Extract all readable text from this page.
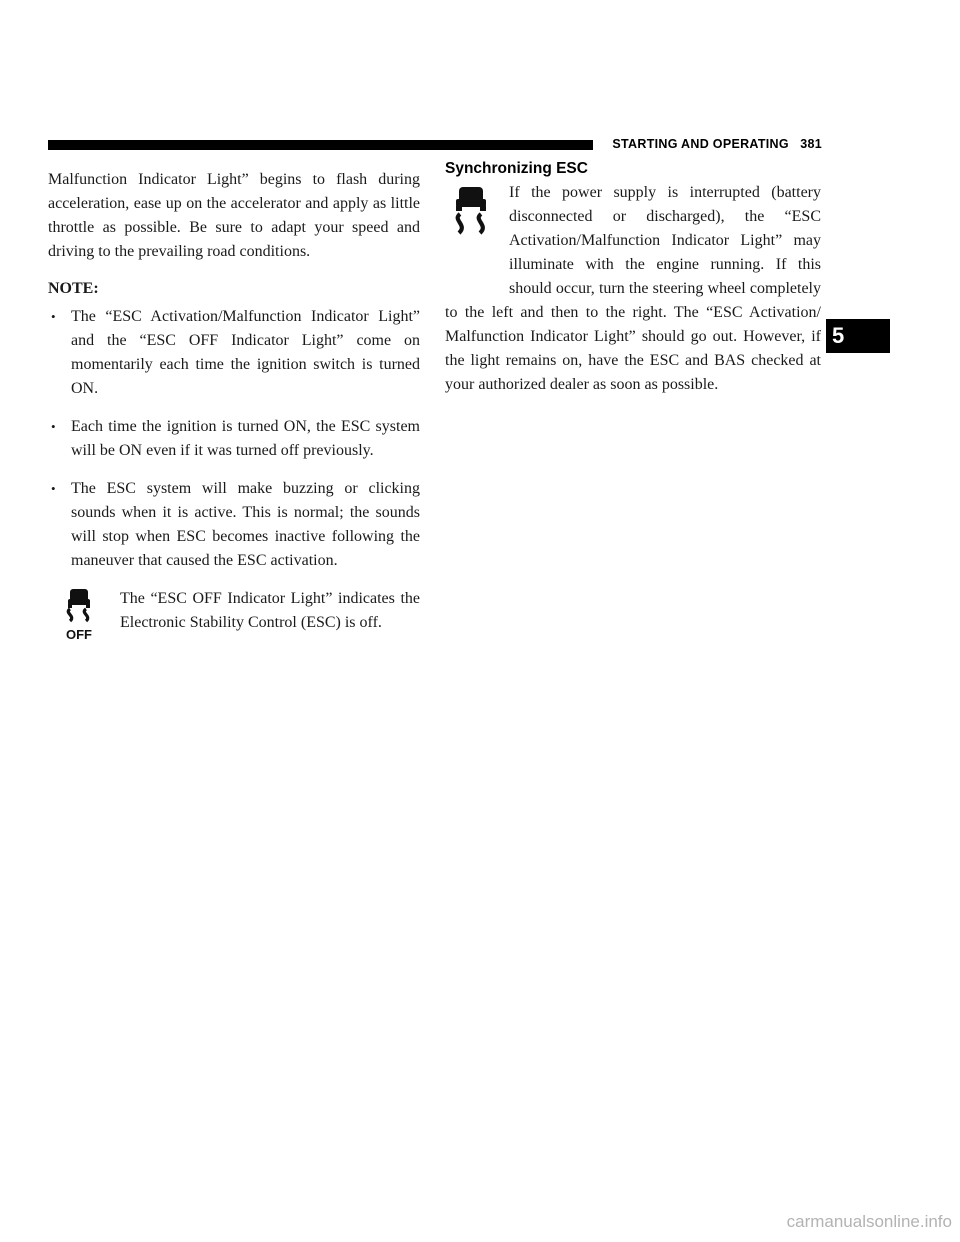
STARTING AND OPERATING 381

Malfunction Indicator Light” begins to flash during acceleration, ease up on the accelerator and apply as little throttle as possible. Be sure to adapt your speed and driving to the prevailing road conditions.

NOTE:

• The “ESC Activation/Malfunction Indicator Light” and the “ESC OFF Indicator Light” come on momentarily each time the ignition switch is turned ON.
• Each time the ignition is turned ON, the ESC system will be ON even if it was turned off previously.
• The ESC system will make buzzing or clicking sounds when it is active. This is normal; the sounds will stop when ESC becomes inactive following the maneuver that caused the ESC activation.
OFF

The “ESC OFF Indicator Light” indicates the Electronic Stability Control (ESC) is off.

Synchronizing ESC

If the power supply is interrupted (battery disconnected or discharged), the “ESC Activation/Malfunction Indicator Light” may illuminate with the engine running. If this should occur, turn the steering wheel completely to the left and then to the right. The “ESC Activation/ Malfunction Indicator Light” should go out. However, if the light remains on, have the ESC and BAS checked at your authorized dealer as soon as possible.

5
carmanualsonline.info
